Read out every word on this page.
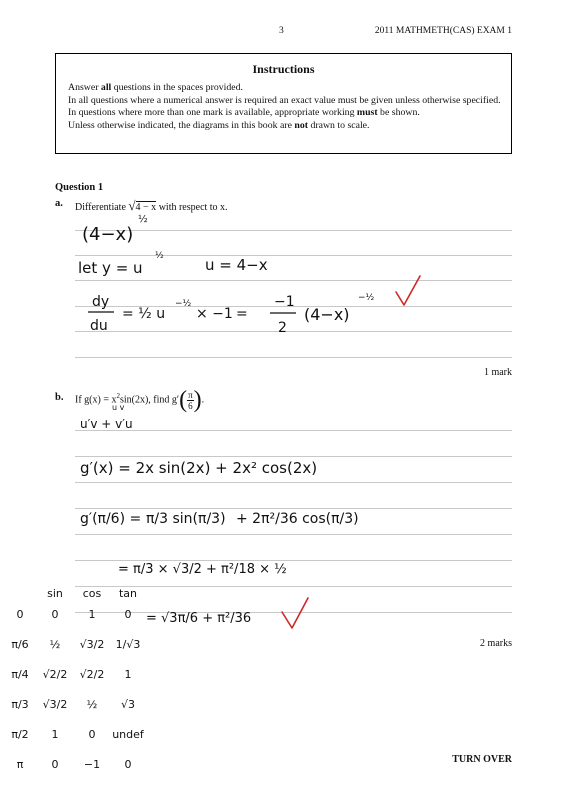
3	2011 MATHMETH(CAS) EXAM 1
Instructions

Answer all questions in the spaces provided.

In all questions where a numerical answer is required an exact value must be given unless otherwise specified.

In questions where more than one mark is available, appropriate working must be shown.

Unless otherwise indicated, the diagrams in this book are not drawn to scale.

Question 1
a. Differentiate √4 − x with respect to x.
1 mark
b. If $g(x) = x^2\sin(2x)$, find $g'( \frac{\pi}{6})$.
u v
2 marks
(4−x)
½
let y = u
½	u = 4−x
dy
du
= ½ u
−½
× −1 =
−1
2
(4−x)
−½
u′v + v′u
g′(x) = 2x sin(2x) + 2x² cos(2x)
g′(π/6) = π/3 sin(π/3) + 2π²/36 cos(π/3)
= π/3 × √3/2 + π²/18 × ½
= √3π/6 + π²/36
sin cos tan
0	0	1	0
π/6 ½ √3/2 1/√3
π/4 √2/2 √2/2 1
π/3 √3/2 ½ √3
π/2 1	0 undef
π	0 −1 0	TURN OVER
